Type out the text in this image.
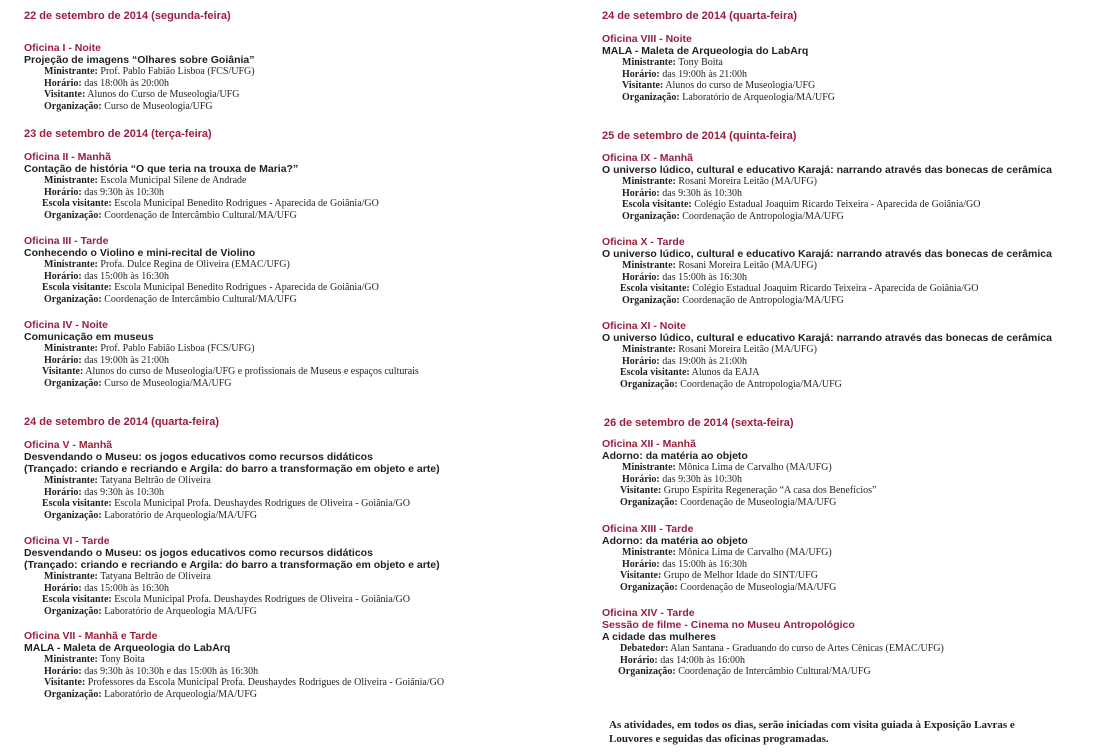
22 de setembro de 2014 (segunda-feira)
Oficina I - Noite
Projeção de imagens “Olhares sobre Goiânia”
Ministrante: Prof. Pablo Fabião Lisboa (FCS/UFG)
Horário: das 18:00h às 20:00h
Visitante: Alunos do Curso de Museologia/UFG
Organização: Curso de Museologia/UFG
23 de setembro de 2014 (terça-feira)
Oficina II - Manhã
Contação de história “O que teria na trouxa de Maria?”
Ministrante: Escola Municipal Silene de Andrade
Horário: das 9:30h às 10:30h
Escola visitante: Escola Municipal Benedito Rodrigues - Aparecida de Goiânia/GO
Organização: Coordenação de Intercâmbio Cultural/MA/UFG
Oficina III - Tarde
Conhecendo o Violino e mini-recital de Violino
Ministrante: Profa. Dulce Regina de Oliveira (EMAC/UFG)
Horário: das 15:00h às 16:30h
Escola visitante: Escola Municipal Benedito Rodrigues - Aparecida de Goiânia/GO
Organização: Coordenação de Intercâmbio Cultural/MA/UFG
Oficina IV - Noite
Comunicação em museus
Ministrante: Prof. Pablo Fabião Lisboa (FCS/UFG)
Horário: das 19:00h às 21:00h
Visitante: Alunos do curso de Museologia/UFG e profissionais de Museus e espaços culturais
Organização: Curso de Museologia/MA/UFG
24 de setembro de 2014 (quarta-feira)
Oficina V - Manhã
Desvendando o Museu: os jogos educativos como recursos didáticos
(Trançado: criando e recriando e Argila: do barro a transformação em objeto e arte)
Ministrante: Tatyana Beltrão de Oliveira
Horário: das 9:30h às 10:30h
Escola visitante: Escola Municipal Profa. Deushaydes Rodrigues de Oliveira - Goiânia/GO
Organização: Laboratório de Arqueologia/MA/UFG
Oficina VI - Tarde
Desvendando o Museu: os jogos educativos como recursos didáticos
(Trançado: criando e recriando e Argila: do barro a transformação em objeto e arte)
Ministrante: Tatyana Beltrão de Oliveira
Horário: das 15:00h às 16:30h
Escola visitante: Escola Municipal Profa. Deushaydes Rodrigues de Oliveira - Goiânia/GO
Organização: Laboratório de Arqueologia MA/UFG
Oficina VII - Manhã e Tarde
MALA - Maleta de Arqueologia do LabArq
Ministrante: Tony Boita
Horário: das 9:30h às 10:30h e das 15:00h às 16:30h
Visitante: Professores da Escola Municipal Profa. Deushaydes Rodrigues de Oliveira - Goiânia/GO
Organização: Laboratório de Arqueologia/MA/UFG
24 de setembro de 2014 (quarta-feira)
Oficina VIII - Noite
MALA - Maleta de Arqueologia do LabArq
Ministrante: Tony Boita
Horário: das 19:00h às 21:00h
Visitante: Alunos do curso de Museologia/UFG
Organização: Laboratório de Arqueologia/MA/UFG
25 de setembro de 2014 (quinta-feira)
Oficina IX - Manhã
O universo lúdico, cultural e educativo Karajá: narrando através das bonecas de cerâmica
Ministrante: Rosani Moreira Leitão (MA/UFG)
Horário: das 9:30h às 10:30h
Escola visitante: Colégio Estadual Joaquim Ricardo Teixeira - Aparecida de Goiânia/GO
Organização: Coordenação de Antropologia/MA/UFG
Oficina X - Tarde
O universo lúdico, cultural e educativo Karajá: narrando através das bonecas de cerâmica
Ministrante: Rosani Moreira Leitão (MA/UFG)
Horário: das 15:00h às 16:30h
Escola visitante: Colégio Estadual Joaquim Ricardo Teixeira - Aparecida de Goiânia/GO
Organização: Coordenação de Antropologia/MA/UFG
Oficina XI - Noite
O universo lúdico, cultural e educativo Karajá: narrando através das bonecas de cerâmica
Ministrante: Rosani Moreira Leitão (MA/UFG)
Horário: das 19:00h às 21:00h
Escola visitante: Alunos da EAJA
Organização: Coordenação de Antropologia/MA/UFG
26 de setembro de 2014 (sexta-feira)
Oficina XII - Manhã
Adorno: da matéria ao objeto
Ministrante: Mônica Lima de Carvalho (MA/UFG)
Horário: das 9:30h às 10:30h
Visitante: Grupo Espírita Regeneração “A casa dos Benefícios”
Organização: Coordenação de Museologia/MA/UFG
Oficina XIII - Tarde
Adorno: da matéria ao objeto
Ministrante: Mônica Lima de Carvalho (MA/UFG)
Horário: das 15:00h às 16:30h
Visitante: Grupo de Melhor Idade do SINT/UFG
Organização: Coordenação de Museologia/MA/UFG
Oficina XIV - Tarde
Sessão de filme - Cinema no Museu Antropológico
A cidade das mulheres
Debatedor: Alan Santana - Graduando do curso de Artes Cênicas (EMAC/UFG)
Horário: das 14:00h às 16:00h
Organização: Coordenação de Intercâmbio Cultural/MA/UFG
As atividades, em todos os dias, serão iniciadas com visita guiada à Exposição Lavras e
Louvores e seguidas das oficinas programadas.
